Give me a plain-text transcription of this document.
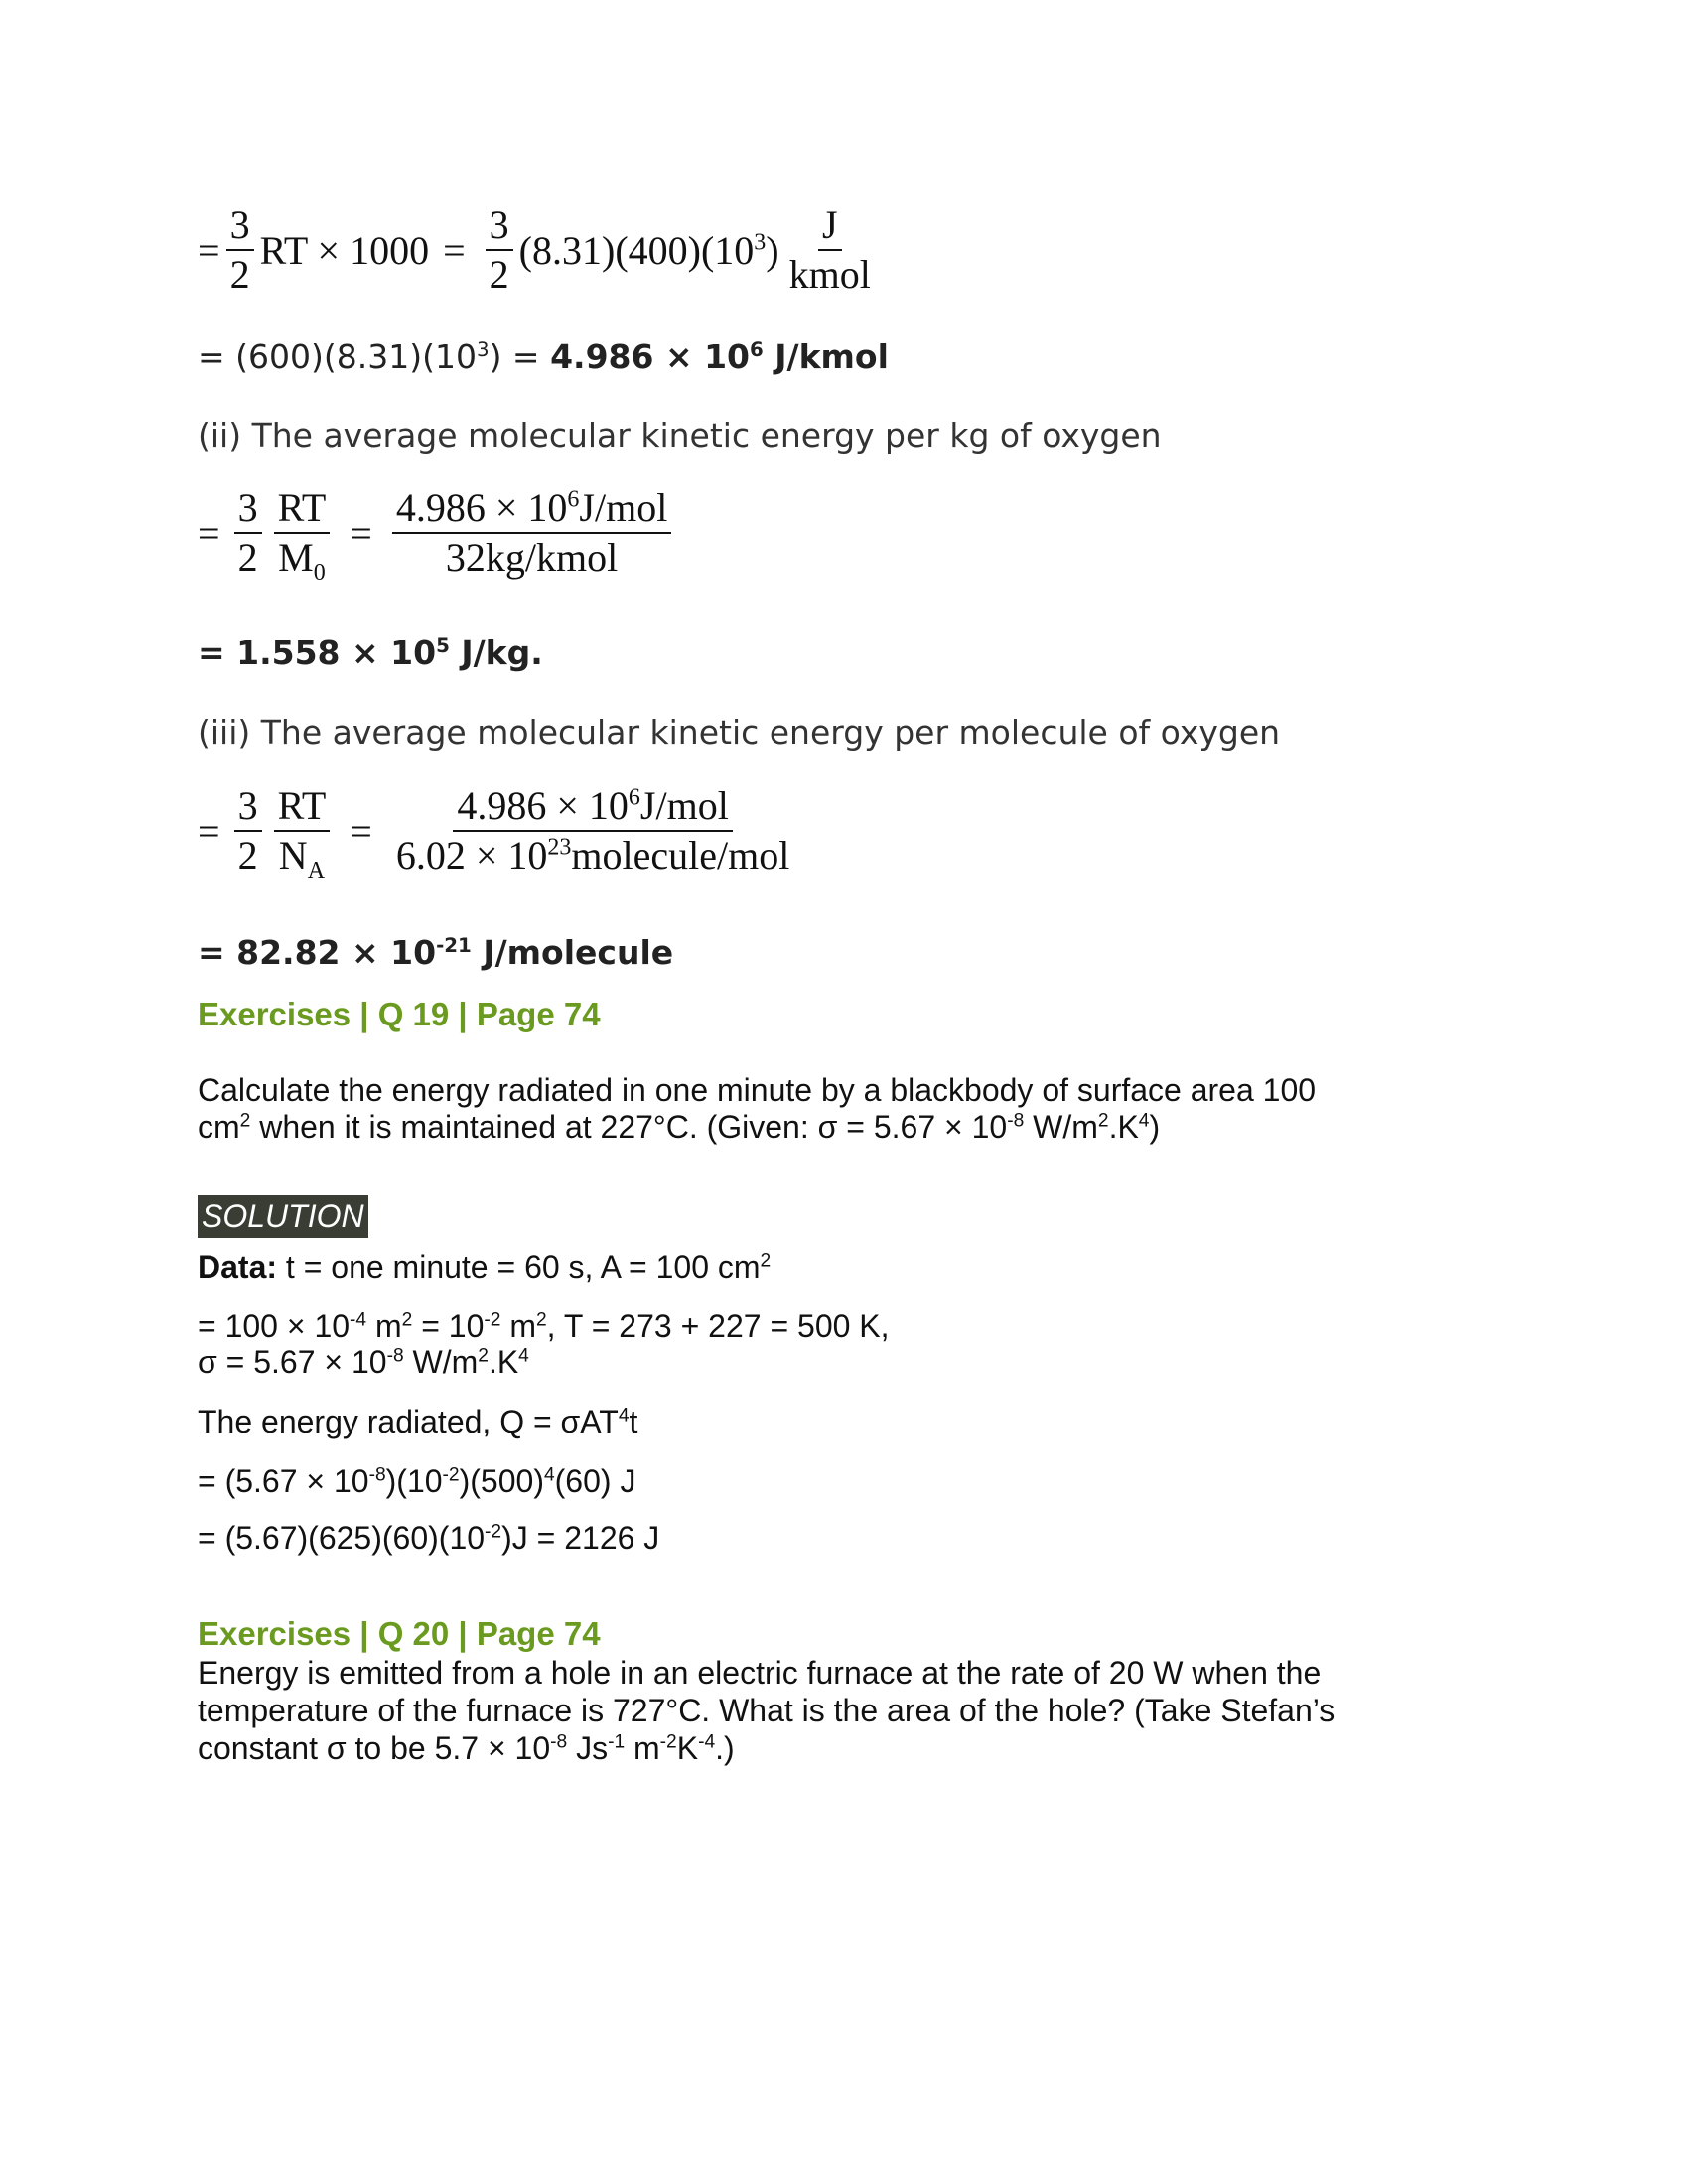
= $\frac{3}{2}$ RT × $1000 = \frac{3}{2} (8.31)(400)(10^3) \frac{J}{\text{kmol}}$
= $(600)(8.31)(10^3) = 4.986 \times 10^6$ J/kmol
(ii) The average molecular kinetic energy per kg of oxygen
= $\frac{3}{2} \frac{RT}{M_0} = \frac{4.986 \times 10^6J/mol}{\text{32kg/kmol}}$
= $1.558 \times 10^5$ J/kg.
(iii) The average molecular kinetic energy per molecule of oxygen
= $\frac{3}{2} \frac{RT}{N_A} = \frac{4.986 \times 10^6J/mol}{6.02 \times 10^{23}molecule/mol}$
= $82.82 \times 10^{-21}$ J/molecule
Exercises | Q 19 | Page 74
Calculate the energy radiated in one minute by a blackbody of surface area 100
$cm^2$ when it is maintained at 227°C. (Given: $\sigma = 5.67 \times 10^{-8}$ $W/m^2.K^4$)
SOLUTION
Data: t = one minute = 60 s, A = 100 $cm^2$
= $100 \times 10^{-4}$ $m^2 = 10^{-2}$ $m^2$, T = 273 + 227 = 500 K,
$\sigma = 5.67 \times 10^{-8}$ $W/m^2.K^4$
The energy radiated, Q = σAT$^4$t
= $(5.67 \times 10^{-8})(10^{-2})(500)^4(60)$ J
= $(5.67)(625)(60)(10^{-2})J = 2126$ J
Exercises | Q 20 | Page 74
Energy is emitted from a hole in an electric furnace at the rate of 20 W when the
temperature of the furnace is 727°C. What is the area of the hole? (Take Stefan’s
constant σ to be $5.7 \times 10^{-8}$ $Js^{-1}$ $m^{-2}K^{-4}$.)
